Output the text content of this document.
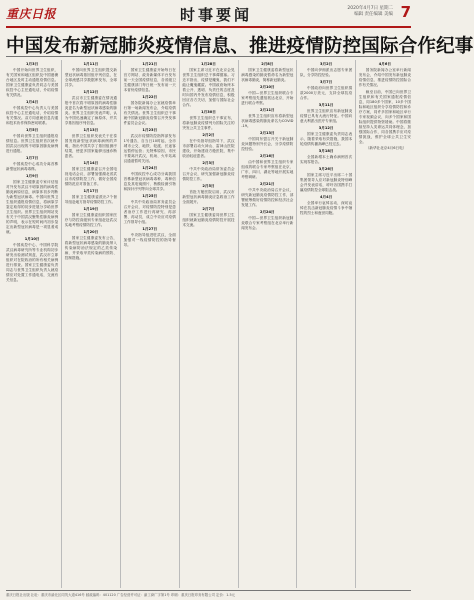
重庆日报	时事要闻	2020年4月7日 星期二
编辑 责任编辑 美编 7
中国发布新冠肺炎疫情信息、推进疫情防控国际合作纪事
1月3日

中国开始向世界卫生组织、有关国家和地区组织及中国港澳台地区及时主动通报疫情信息。国家卫生健康委负责同志与美国疾控中心主任通电话，介绍疫情有关情况。

1月4日

中国疾控中心负责人与美国疾控中心主任通电话，介绍疫情有关情况。双方同意就信息沟通和技术协作保持密切联系。

1月5日

中国向世界卫生组织通报疫情信息。世界卫生组织首次就中国武汉出现的不明原因肺炎病例进行通报。

1月7日

中国疾控中心成功分离首株新型冠状病毒毒株。

1月9日

国家卫生健康委专家评估组对外发布武汉不明原因的病毒性肺炎病原信息，病原体初步判断为新型冠状病毒。中国向世界卫生组织通报疫情信息，将病原学鉴定取得的初步进展分享给世界卫生组织。世界卫生组织网站发布关于中国武汉聚集性肺炎病例的声明，表示在短时间内初步鉴定出新型冠状病毒是一项显著成就。

1月10日

中国疾控中心、中国科学院武汉病毒研究所等专业机构初步研发出检测试剂盒，武汉市立即组织对在院收治的所有相关病例进行排查。国家卫生健康委负责同志与世界卫生组织负责人就疫情应对处置工作通电话，交流有关信息。

1月11日

中国向世界卫生组织提交新型冠状病毒基因组序列信息，在全球流感共享数据库发布，全球共享。

1月12日

武汉市卫生健康委在情况通报中首次将不明原因的病毒性肺炎更名为新型冠状病毒感染的肺炎。世界卫生组织发表声明，认为中国迅速确定了病原体，并共享基因组序列信息。

1月13日

世界卫生组织发表关于在泰国发现新型冠状病毒病例的声明，指出中国共享了基因组测序结果，使更多国家能够迅速诊断患者。

1月14日

国家卫生健康委召开全国电视电话会议，部署加强湖北省武汉市疫情防控工作，做好全国疫情防范应对准备工作。

1月17日

国家卫生健康委派出7个督导组赴地方指导疫情防控工作。

1月19日

国家卫生健康委组织国家医疗与防控高级别专家组赶赴武汉实地考察疫情防控工作。

1月20日

国家卫生健康委发布公告，将新型冠状病毒感染的肺炎纳入传染病防治法规定的乙类传染病，并采取甲类传染病的预防、控制措施。

1月21日

国家卫生健康委开始每日在官方网站、政务新媒体平台发布前一天全国疫情信息，各省级卫生健康部门每日统一发布前一天本省份疫情信息。

1月22日

国务院新闻办公室就疫情举行第一场新闻发布会，介绍疫情有关情况。世界卫生组织总干事就中国新冠肺炎疫情召开突发事件委员会会议。

1月23日

武汉市疫情防控指挥部发布1号通告，自当日10时起，全市城市公交、地铁、轮渡、长途客运暂停运营；无特殊原因，市民不要离开武汉，机场、火车站离汉通道暂时关闭。

1月24日

中国疾控中心成功分离我国首株新型冠状病毒毒种，毒种信息及其电镜照片、核酸检测引物和探针序列等向全球共享。

1月25日

中共中央政治局常务委员会召开会议，对疫情防控特别是患者治疗工作进行再研究、再部署、再动员，成立中央应对疫情工作领导小组。

1月27日

中央指导组进驻武汉，全面加强对一线疫情防控的指导督导。

1月28日

国家主席习近平在北京会见世界卫生组织总干事谭德塞。习近平指出，疫情是魔鬼，我们不能让魔鬼藏匿。中国政府始终本着公开、透明、负责任的态度及时向国内外发布疫情信息，积极回应各方关切，加强与国际社会合作。

1月30日

世界卫生组织总干事宣布，将新冠肺炎疫情列为国际关注的突发公共卫生事件。

2月2日

在中央指导组指导下，武汉市部署启动火神山、雷神山医院建设，开始建设方舱医院，集中收治轻症患者。

2月3日

中共中央政治局常务委员会召开会议，研究加强新冠肺炎疫情防控工作。

2月5日

首批方舱医院启用，武汉市新型冠状病毒肺炎应急救治工作全面展开。

2月7日

国家卫生健康委同世界卫生组织就新冠肺炎疫情防控开展技术交流。

2月8日

国家卫生健康委将新型冠状病毒感染的肺炎暂命名为新型冠状病毒肺炎，简称新冠肺炎。

2月10日

中国—世界卫生组织联合专家考察组先遣组抵达北京，开始进行联合考察。

2月11日

世界卫生组织宣布将新型冠状病毒感染的肺炎命名为COVID-19。

2月13日

中国同东盟召开关于新冠肺炎问题特别外长会，分享疫情防控经验。

2月16日

由中国和世界卫生组织专家组成的联合专家考察组在北京、广东、四川、湖北等地开展实地考察调研。

2月21日

中共中央政治局召开会议，研究新冠肺炎疫情防控工作，部署统筹做好疫情防控和经济社会发展工作。

2月24日

中国—世界卫生组织新冠肺炎联合专家考察组在北京举行新闻发布会。

3月2日

中国向伊朗派出志愿专家团队，分享防控经验。

3月7日

中国政府向世界卫生组织捐款2000万美元，支持全球抗疫合作。

3月11日

世界卫生组织宣布新冠肺炎疫情已具有大流行特征。中国向意大利派出医疗专家组。

3月12日

国家卫生健康委负责同志表示，随着采取有效措施，我国本轮疫情传播高峰已经过去。

3月18日

全国新增本土确诊病例首次实现零报告。

3月26日

国家主席习近平出席二十国集团领导人应对新冠肺炎特别峰会并发表讲话，呼吁各国携手打赢疫情防控全球阻击战。

4月4日

全国举行哀悼活动，深切哀悼在抗击新冠肺炎疫情斗争中牺牲的烈士和逝世同胞。

4月6日

国务院新闻办公室举行新闻发布会，介绍中国发布新冠肺炎疫情信息、推进疫情防控国际合作有关情况。

截至目前，中国已向世界卫生组织和有关国家通报疫情信息，同180多个国家、10多个国际和地区组织分享疫情防控和诊疗方案，同许多国家和地区举行专家视频会议，向多个国家和国际组织提供物资援助。中国将继续坚持人类命运共同体理念，加强国际合作，同各国携手应对疫情挑战，维护全球公共卫生安全。

（新华社北京4月6日电）

重庆日报社出版 社址：重庆市渝北区同茂大道416号 邮政编码：401120 广告经营许可证：渝工商广字第1号 印刷：重庆日报印务有限公司 定价：1.5元
